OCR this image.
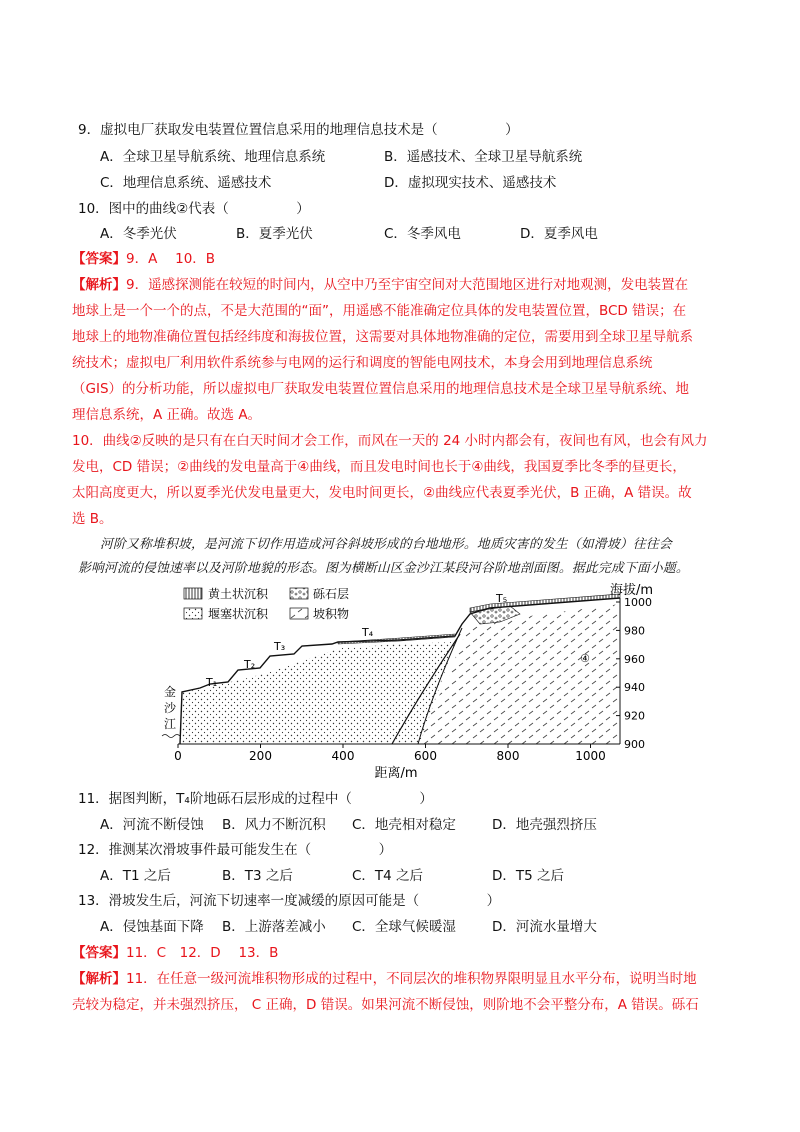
9．虚拟电厂获取发电装置位置信息采用的地理信息技术是（　　　　　）
A．全球卫星导航系统、地理信息系统	B．遥感技术、全球卫星导航系统
C．地理信息系统、遥感技术	D．虚拟现实技术、遥感技术
10．图中的曲线②代表（　　　　　）
A．冬季光伏	B．夏季光伏	C．冬季风电	D．夏季风电
【答案】9．A　 10．B
【解析】9．遥感探测能在较短的时间内，从空中乃至宇宙空间对大范围地区进行对地观测，发电装置在
地球上是一个一个的点，不是大范围的“面”，用遥感不能准确定位具体的发电装置位置，BCD 错误；在
地球上的地物准确位置包括经纬度和海拔位置，这需要对具体地物准确的定位，需要用到全球卫星导航系
统技术；虚拟电厂利用软件系统参与电网的运行和调度的智能电网技术，本身会用到地理信息系统
（GIS）的分析功能，所以虚拟电厂获取发电装置位置信息采用的地理信息技术是全球卫星导航系统、地
理信息系统，A 正确。故选 A。
10．曲线②反映的是只有在白天时间才会工作，而风在一天的 24 小时内都会有，夜间也有风，也会有风力
发电，CD 错误；②曲线的发电量高于④曲线，而且发电时间也长于④曲线，我国夏季比冬季的昼更长，
太阳高度更大，所以夏季光伏发电量更大，发电时间更长，②曲线应代表夏季光伏，B 正确，A 错误。故
选 B。
河阶又称堆积坡，是河流下切作用造成河谷斜坡形成的台地地形。地质灾害的发生（如滑坡）往往会
影响河流的侵蚀速率以及河阶地貌的形态。图为横断山区金沙江某段河谷阶地剖面图。据此完成下面小题。
0	200	400	600	800	1000
1000
980
960
940
920
900
距离/m
海拔/m
T₁
T₂
T₃
T₄
T₅
④
金
沙
江
黄土状沉积	砾石层
堰塞状沉积	坡积物
11．据图判断，T₄阶地砾石层形成的过程中（　　　　　）
A．河流不断侵蚀 B．风力不断沉积 C．地壳相对稳定	D．地壳强烈挤压
12．推测某次滑坡事件最可能发生在（　　　　　）
A．T1 之后	B．T3 之后	C．T4 之后	D．T5 之后
13．滑坡发生后，河流下切速率一度减缓的原因可能是（　　　　　）
A．侵蚀基面下降 B．上游落差减小 C．全球气候暖湿	D．河流水量增大
【答案】11．C　12．D　 13．B
【解析】11．在任意一级河流堆积物形成的过程中，不同层次的堆积物界限明显且水平分布，说明当时地
壳较为稳定，并未强烈挤压， C 正确，D 错误。如果河流不断侵蚀，则阶地不会平整分布，A 错误。砾石
